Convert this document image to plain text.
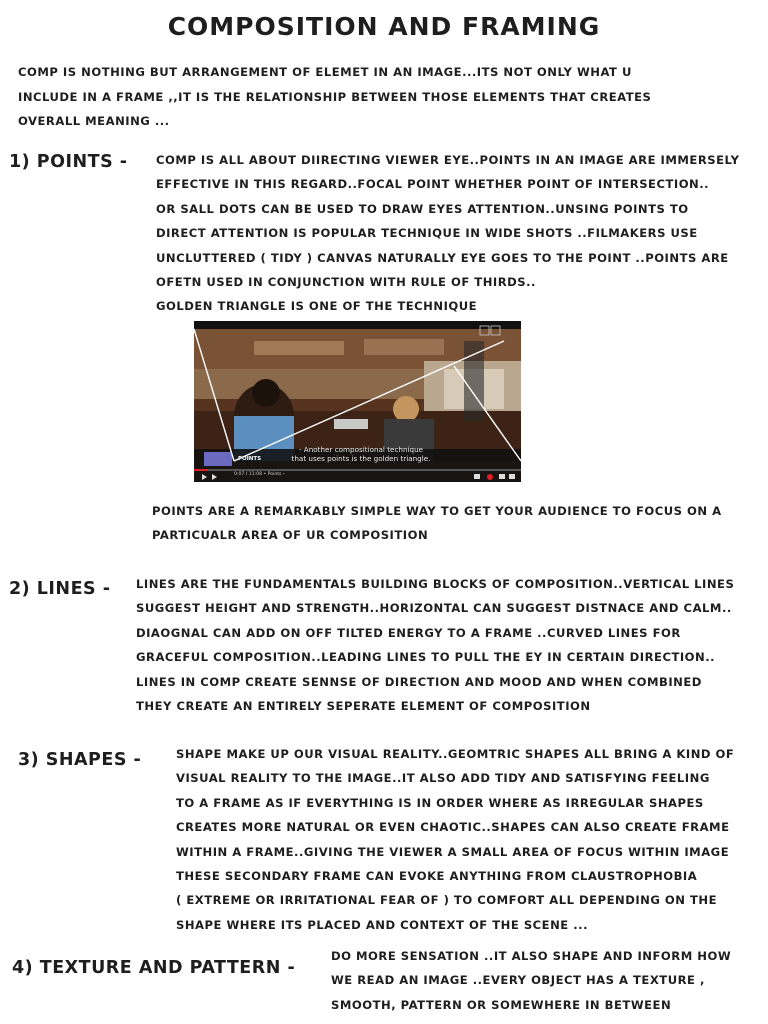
COMPOSITION AND FRAMING
COMP IS NOTHING BUT ARRANGEMENT OF ELEMET IN AN IMAGE...ITS NOT ONLY WHAT U
INCLUDE IN A FRAME ,,IT IS THE RELATIONSHIP BETWEEN THOSE ELEMENTS THAT CREATES
OVERALL MEANING ...
1) POINTS - COMP IS ALL ABOUT DIIRECTING VIEWER EYE..POINTS IN AN IMAGE ARE IMMERSELY
EFFECTIVE IN THIS REGARD..FOCAL POINT WHETHER POINT OF INTERSECTION..
OR SALL DOTS CAN BE USED TO DRAW EYES ATTENTION..UNSING POINTS TO
DIRECT ATTENTION IS POPULAR TECHNIQUE IN WIDE SHOTS ..FILMAKERS USE
UNCLUTTERED ( TIDY ) CANVAS NATURALLY EYE GOES TO THE POINT ..POINTS ARE
OFETN USED IN CONJUNCTION WITH RULE OF THIRDS..
GOLDEN TRIANGLE IS ONE OF THE TECHNIQUE
POINTS
- Another compositional technique
that uses points is the golden triangle.
0:07 / 11:08 • Points ›
POINTS ARE A REMARKABLY SIMPLE WAY TO GET YOUR AUDIENCE TO FOCUS ON A
PARTICUALR AREA OF UR COMPOSITION
2) LINES - LINES ARE THE FUNDAMENTALS BUILDING BLOCKS OF COMPOSITION..VERTICAL LINES
SUGGEST HEIGHT AND STRENGTH..HORIZONTAL CAN SUGGEST DISTNACE AND CALM..
DIAOGNAL CAN ADD ON OFF TILTED ENERGY TO A FRAME ..CURVED LINES FOR
GRACEFUL COMPOSITION..LEADING LINES TO PULL THE EY IN CERTAIN DIRECTION..
LINES IN COMP CREATE SENNSE OF DIRECTION AND MOOD AND WHEN COMBINED
THEY CREATE AN ENTIRELY SEPERATE ELEMENT OF COMPOSITION
3) SHAPES -	SHAPE MAKE UP OUR VISUAL REALITY..GEOMTRIC SHAPES ALL BRING A KIND OF
VISUAL REALITY TO THE IMAGE..IT ALSO ADD TIDY AND SATISFYING FEELING
TO A FRAME AS IF EVERYTHING IS IN ORDER WHERE AS IRREGULAR SHAPES
CREATES MORE NATURAL OR EVEN CHAOTIC..SHAPES CAN ALSO CREATE FRAME
WITHIN A FRAME..GIVING THE VIEWER A SMALL AREA OF FOCUS WITHIN IMAGE
THESE SECONDARY FRAME CAN EVOKE ANYTHING FROM CLAUSTROPHOBIA
( EXTREME OR IRRITATIONAL FEAR OF ) TO COMFORT ALL DEPENDING ON THE
SHAPE WHERE ITS PLACED AND CONTEXT OF THE SCENE ...
4) TEXTURE AND PATTERN -
DO MORE SENSATION ..IT ALSO SHAPE AND INFORM HOW
WE READ AN IMAGE ..EVERY OBJECT HAS A TEXTURE ,
SMOOTH, PATTERN OR SOMEWHERE IN BETWEEN
